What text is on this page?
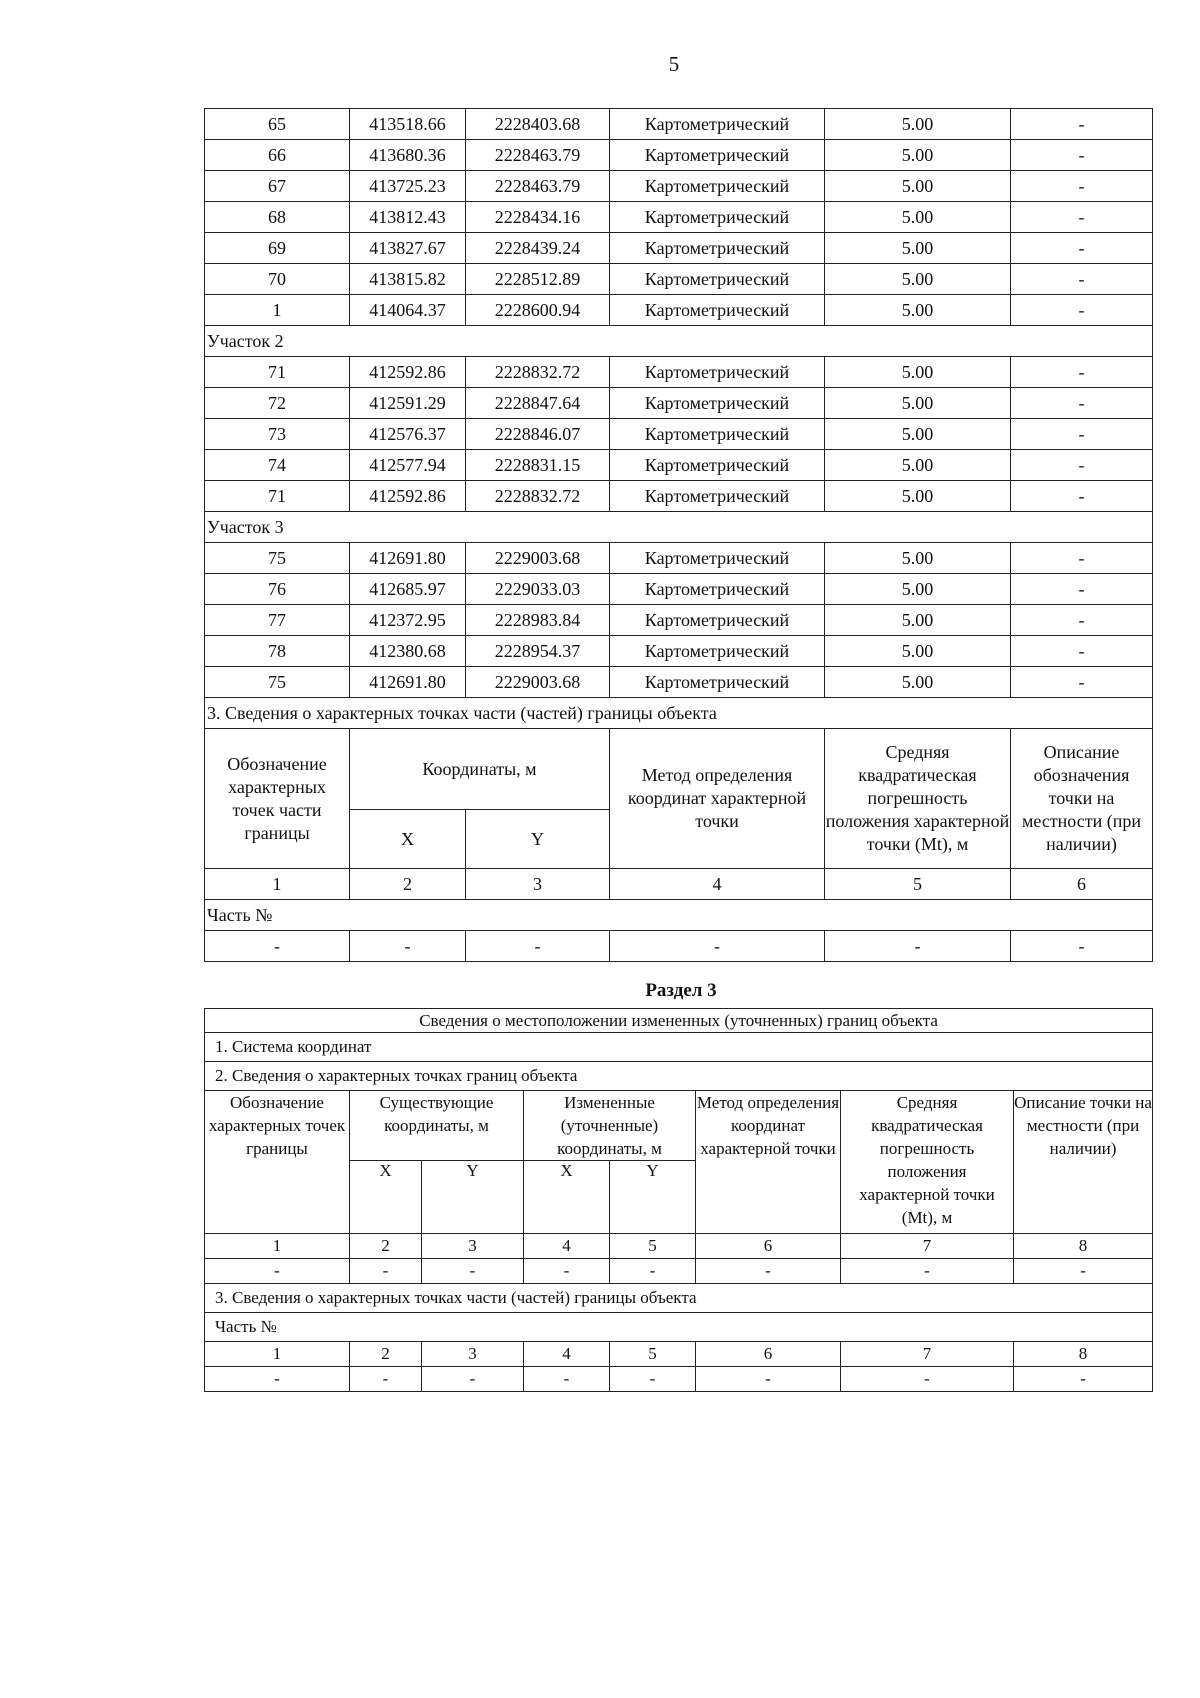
5
65	413518.66	2228403.68	Картометрический	5.00	-
66	413680.36	2228463.79	Картометрический	5.00	-
67	413725.23	2228463.79	Картометрический	5.00	-
68	413812.43	2228434.16	Картометрический	5.00	-
69	413827.67	2228439.24	Картометрический	5.00	-
70	413815.82	2228512.89	Картометрический	5.00	-
1	414064.37	2228600.94	Картометрический	5.00	-
Участок 2					
71	412592.86	2228832.72	Картометрический	5.00	-
72	412591.29	2228847.64	Картометрический	5.00	-
73	412576.37	2228846.07	Картометрический	5.00	-
74	412577.94	2228831.15	Картометрический	5.00	-
71	412592.86	2228832.72	Картометрический	5.00	-
Участок 3					
75	412691.80	2229003.68	Картометрический	5.00	-
76	412685.97	2229033.03	Картометрический	5.00	-
77	412372.95	2228983.84	Картометрический	5.00	-
78	412380.68	2228954.37	Картометрический	5.00	-
75	412691.80	2229003.68	Картометрический	5.00	-
3. Сведения о характерных точках части (частей) границы объекта					
Обозначение характерных точек части границы	Координаты, м		Метод определения координат характерной точки	Средняя квадратическая погрешность положения характерной точки (Mt), м	Описание обозначения точки на местности (при наличии)
	X	Y			
1	2	3	4	5	6
Часть №					
-	-	-	-	-	-
Раздел 3
Сведения о местоположении измененных (уточненных) границ объекта							
1. Система координат							
2. Сведения о характерных точках границ объекта							
Обозначение характерных точек границы	Существующие координаты, м		Измененные (уточненные) координаты, м		Метод определения координат характерной точки	Средняя квадратическая погрешность положения характерной точки (Mt), м	Описание точки на местности (при наличии)
	X	Y	X	Y			
1	2	3	4	5	6	7	8
-	-	-	-	-	-	-	-
3. Сведения о характерных точках части (частей) границы объекта							
Часть №							
1	2	3	4	5	6	7	8
-	-	-	-	-	-	-	-
